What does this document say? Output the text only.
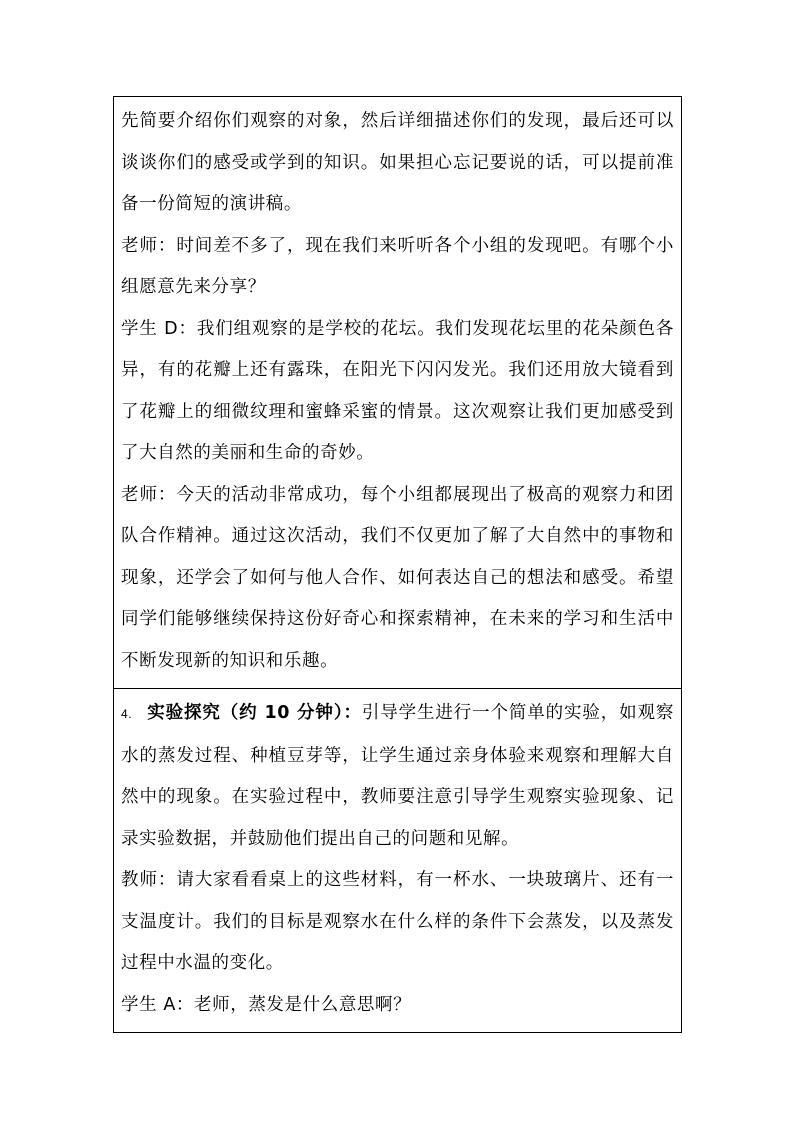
先简要介绍你们观察的对象，然后详细描述你们的发现，最后还可以谈谈你们的感受或学到的知识。如果担心忘记要说的话，可以提前准备一份简短的演讲稿。

老师：时间差不多了，现在我们来听听各个小组的发现吧。有哪个小组愿意先来分享？

学生 D：我们组观察的是学校的花坛。我们发现花坛里的花朵颜色各异，有的花瓣上还有露珠，在阳光下闪闪发光。我们还用放大镜看到了花瓣上的细微纹理和蜜蜂采蜜的情景。这次观察让我们更加感受到了大自然的美丽和生命的奇妙。

老师：今天的活动非常成功，每个小组都展现出了极高的观察力和团队合作精神。通过这次活动，我们不仅更加了解了大自然中的事物和现象，还学会了如何与他人合作、如何表达自己的想法和感受。希望同学们能够继续保持这份好奇心和探索精神，在未来的学习和生活中不断发现新的知识和乐趣。

4. 实验探究（约 10 分钟）：引导学生进行一个简单的实验，如观察水的蒸发过程、种植豆芽等，让学生通过亲身体验来观察和理解大自然中的现象。在实验过程中，教师要注意引导学生观察实验现象、记录实验数据，并鼓励他们提出自己的问题和见解。

教师：请大家看看桌上的这些材料，有一杯水、一块玻璃片、还有一支温度计。我们的目标是观察水在什么样的条件下会蒸发，以及蒸发过程中水温的变化。

学生 A：老师，蒸发是什么意思啊？
